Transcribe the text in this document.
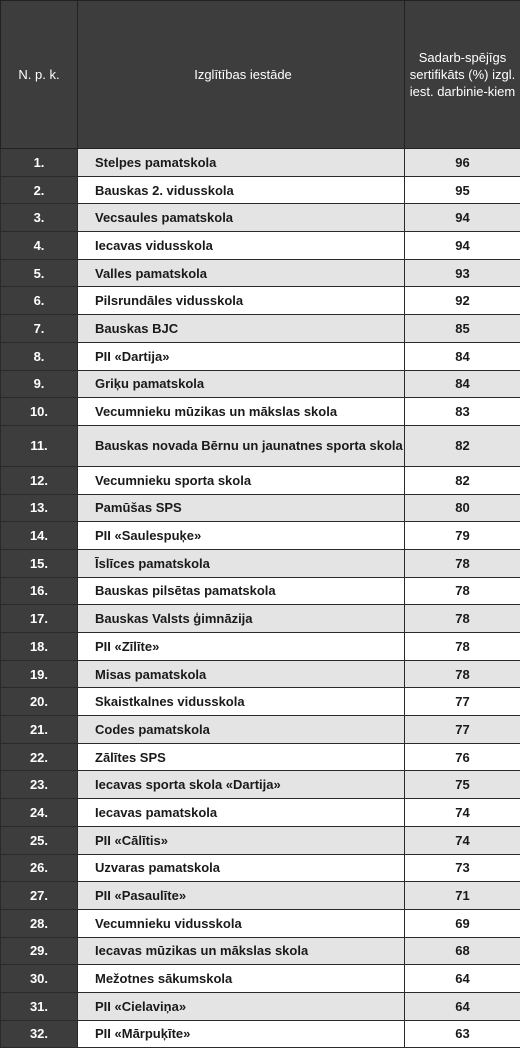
N. p. k.	Izglītības iestāde	Sadarb-spējīgs sertifikāts (%) izgl. iest. darbinie-kiem
1.	Stelpes pamatskola	96
2.	Bauskas 2. vidusskola	95
3.	Vecsaules pamatskola	94
4.	Iecavas vidusskola	94
5.	Valles pamatskola	93
6.	Pilsrundāles vidusskola	92
7.	Bauskas BJC	85
8.	PII «Dartija»	84
9.	Griķu pamatskola	84
10.	Vecumnieku mūzikas un mākslas skola	83
11.	Bauskas novada Bērnu un jaunatnes sporta skola	82
12.	Vecumnieku sporta skola	82
13.	Pamūšas SPS	80
14.	PII «Saulespuķe»	79
15.	Īslīces pamatskola	78
16.	Bauskas pilsētas pamatskola	78
17.	Bauskas Valsts ģimnāzija	78
18.	PII «Zīlīte»	78
19.	Misas pamatskola	78
20.	Skaistkalnes vidusskola	77
21.	Codes pamatskola	77
22.	Zālītes SPS	76
23.	Iecavas sporta skola «Dartija»	75
24.	Iecavas pamatskola	74
25.	PII «Cālītis»	74
26.	Uzvaras pamatskola	73
27.	PII «Pasaulīte»	71
28.	Vecumnieku vidusskola	69
29.	Iecavas mūzikas un mākslas skola	68
30.	Mežotnes sākumskola	64
31.	PII «Cielaviņa»	64
32.	PII «Mārpuķīte»	63
